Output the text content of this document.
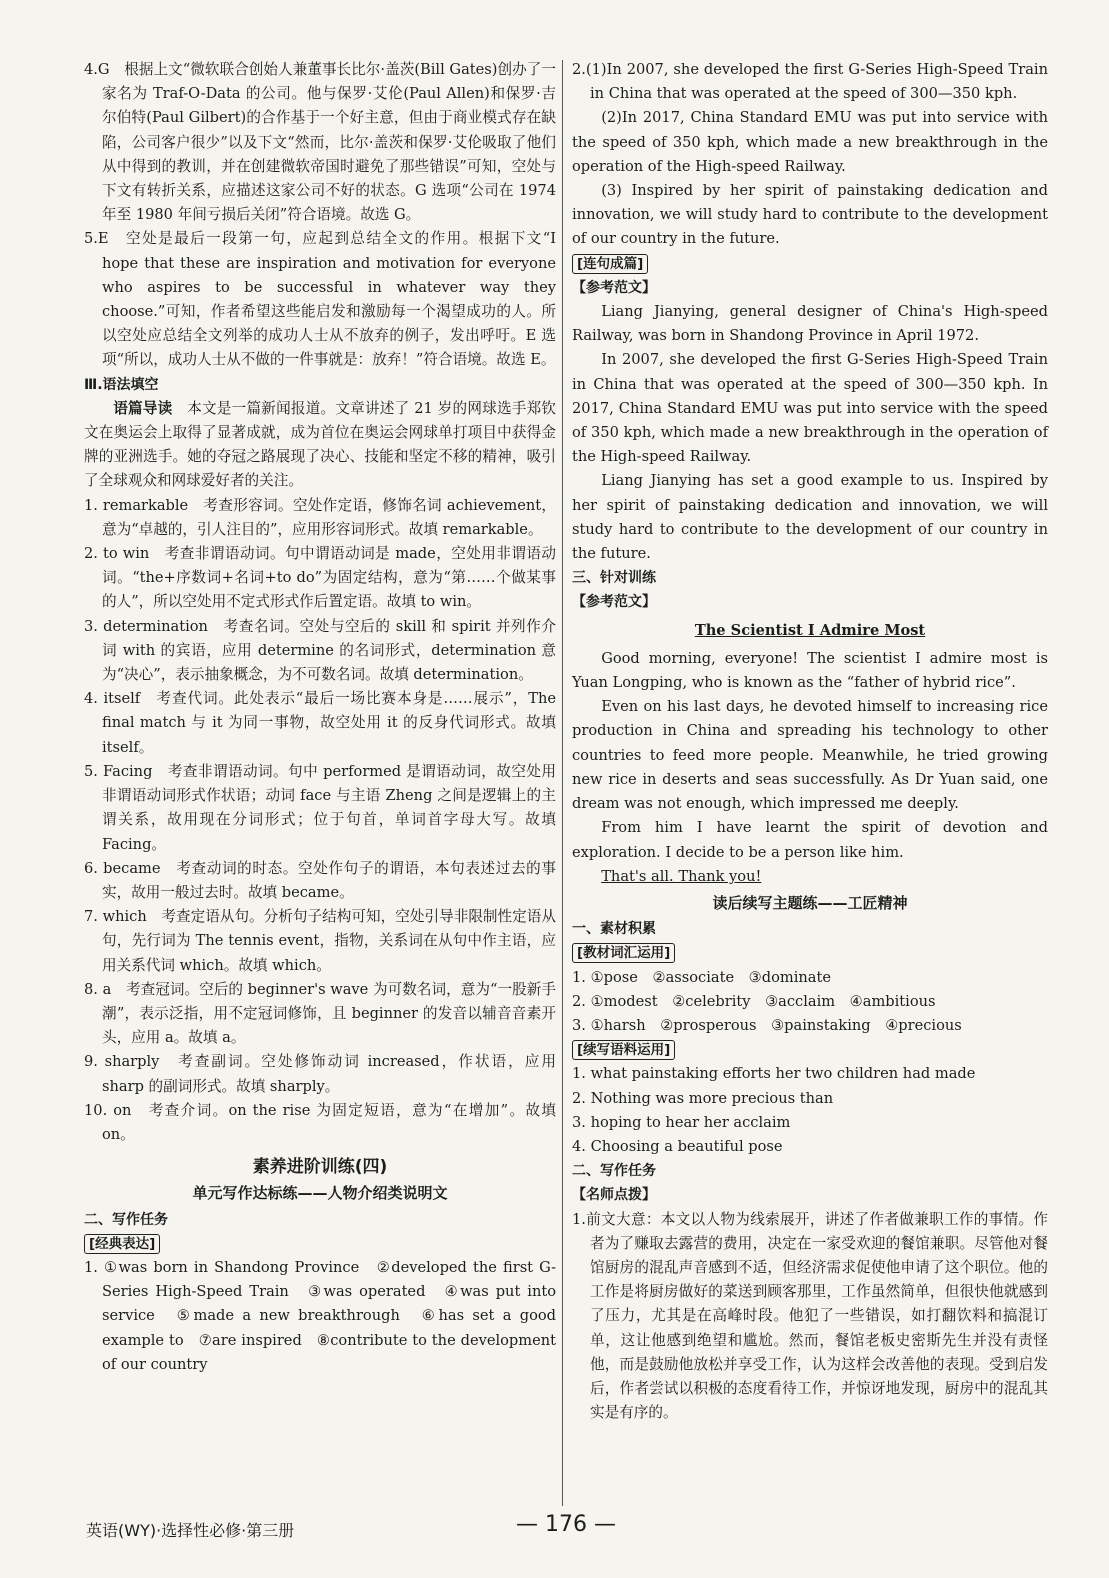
4.G　根据上文“微软联合创始人兼董事长比尔·盖茨(Bill Gates)创办了一家名为 Traf-O-Data 的公司。他与保罗·艾伦(Paul Allen)和保罗·吉尔伯特(Paul Gilbert)的合作基于一个好主意，但由于商业模式存在缺陷，公司客户很少”以及下文“然而，比尔·盖茨和保罗·艾伦吸取了他们从中得到的教训，并在创建微软帝国时避免了那些错误”可知，空处与下文有转折关系，应描述这家公司不好的状态。G 选项“公司在 1974 年至 1980 年间亏损后关闭”符合语境。故选 G。

5.E　空处是最后一段第一句，应起到总结全文的作用。根据下文“I hope that these are inspiration and motivation for everyone who aspires to be successful in whatever way they choose.”可知，作者希望这些能启发和激励每一个渴望成功的人。所以空处应总结全文列举的成功人士从不放弃的例子，发出呼吁。E 选项“所以，成功人士从不做的一件事就是：放弃！”符合语境。故选 E。

Ⅲ.语法填空

语篇导读　 本文是一篇新闻报道。文章讲述了 21 岁的网球选手郑钦文在奥运会上取得了显著成就，成为首位在奥运会网球单打项目中获得金牌的亚洲选手。她的夺冠之路展现了决心、技能和坚定不移的精神，吸引了全球观众和网球爱好者的关注。

1. remarkable　考查形容词。空处作定语，修饰名词 achievement，意为“卓越的，引人注目的”，应用形容词形式。故填 remarkable。

2. to win　考查非谓语动词。句中谓语动词是 made，空处用非谓语动词。“the+序数词+名词+to do”为固定结构，意为“第……个做某事的人”，所以空处用不定式形式作后置定语。故填 to win。

3. determination　考查名词。空处与空后的 skill 和 spirit 并列作介词 with 的宾语，应用 determine 的名词形式，determination 意为“决心”，表示抽象概念，为不可数名词。故填 determination。

4. itself　考查代词。此处表示“最后一场比赛本身是……展示”，The final match 与 it 为同一事物，故空处用 it 的反身代词形式。故填 itself。

5. Facing　考查非谓语动词。句中 performed 是谓语动词，故空处用非谓语动词形式作状语；动词 face 与主语 Zheng 之间是逻辑上的主谓关系，故用现在分词形式；位于句首，单词首字母大写。故填 Facing。

6. became　考查动词的时态。空处作句子的谓语，本句表述过去的事实，故用一般过去时。故填 became。

7. which　考查定语从句。分析句子结构可知，空处引导非限制性定语从句，先行词为 The tennis event，指物，关系词在从句中作主语，应用关系代词 which。故填 which。

8. a　考查冠词。空后的 beginner's wave 为可数名词，意为“一股新手潮”，表示泛指，用不定冠词修饰，且 beginner 的发音以辅音音素开头，应用 a。故填 a。

9. sharply　考查副词。空处修饰动词 increased，作状语，应用 sharp 的副词形式。故填 sharply。

10. on　考查介词。on the rise 为固定短语，意为“在增加”。故填 on。

素养进阶训练(四)
单元写作达标练——人物介绍类说明文

二、写作任务

[经典表达]

1. ①was born in Shandong Province　②developed the first G-Series High-Speed Train　③was operated　④was put into service　⑤made a new breakthrough　⑥has set a good example to　⑦are inspired　⑧contribute to the development of our country

2.(1)In 2007, she developed the first G-Series High-Speed Train in China that was operated at the speed of 300—350 kph.

(2)In 2017, China Standard EMU was put into service with the speed of 350 kph, which made a new breakthrough in the operation of the High-speed Railway.

(3) Inspired by her spirit of painstaking dedication and innovation, we will study hard to contribute to the development of our country in the future.

[连句成篇]

【参考范文】

Liang Jianying, general designer of China's High-speed Railway, was born in Shandong Province in April 1972.

In 2007, she developed the first G-Series High-Speed Train in China that was operated at the speed of 300—350 kph. In 2017, China Standard EMU was put into service with the speed of 350 kph, which made a new breakthrough in the operation of the High-speed Railway.

Liang Jianying has set a good example to us. Inspired by her spirit of painstaking dedication and innovation, we will study hard to contribute to the development of our country in the future.

三、针对训练

【参考范文】

The Scientist I Admire Most

Good morning, everyone! The scientist I admire most is Yuan Longping, who is known as the “father of hybrid rice”.

Even on his last days, he devoted himself to increasing rice production in China and spreading his technology to other countries to feed more people. Meanwhile, he tried growing new rice in deserts and seas successfully. As Dr Yuan said, one dream was not enough, which impressed me deeply.

From him I have learnt the spirit of devotion and exploration. I decide to be a person like him.

That's all. Thank you!

读后续写主题练——工匠精神

一、素材积累

[教材词汇运用]

1. ①pose　②associate　③dominate

2. ①modest　②celebrity　③acclaim　④ambitious

3. ①harsh　②prosperous　③painstaking　④precious

[续写语料运用]

1. what painstaking efforts her two children had made

2. Nothing was more precious than

3. hoping to hear her acclaim

4. Choosing a beautiful pose

二、写作任务

【名师点拨】

1.前文大意：本文以人物为线索展开，讲述了作者做兼职工作的事情。作者为了赚取去露营的费用，决定在一家受欢迎的餐馆兼职。尽管他对餐馆厨房的混乱声音感到不适，但经济需求促使他申请了这个职位。他的工作是将厨房做好的菜送到顾客那里，工作虽然简单，但很快他就感到了压力，尤其是在高峰时段。他犯了一些错误，如打翻饮料和搞混订单，这让他感到绝望和尴尬。然而，餐馆老板史密斯先生并没有责怪他，而是鼓励他放松并享受工作，认为这样会改善他的表现。受到启发后，作者尝试以积极的态度看待工作，并惊讶地发现，厨房中的混乱其实是有序的。

英语(WY)·选择性必修·第三册	— 176 —
